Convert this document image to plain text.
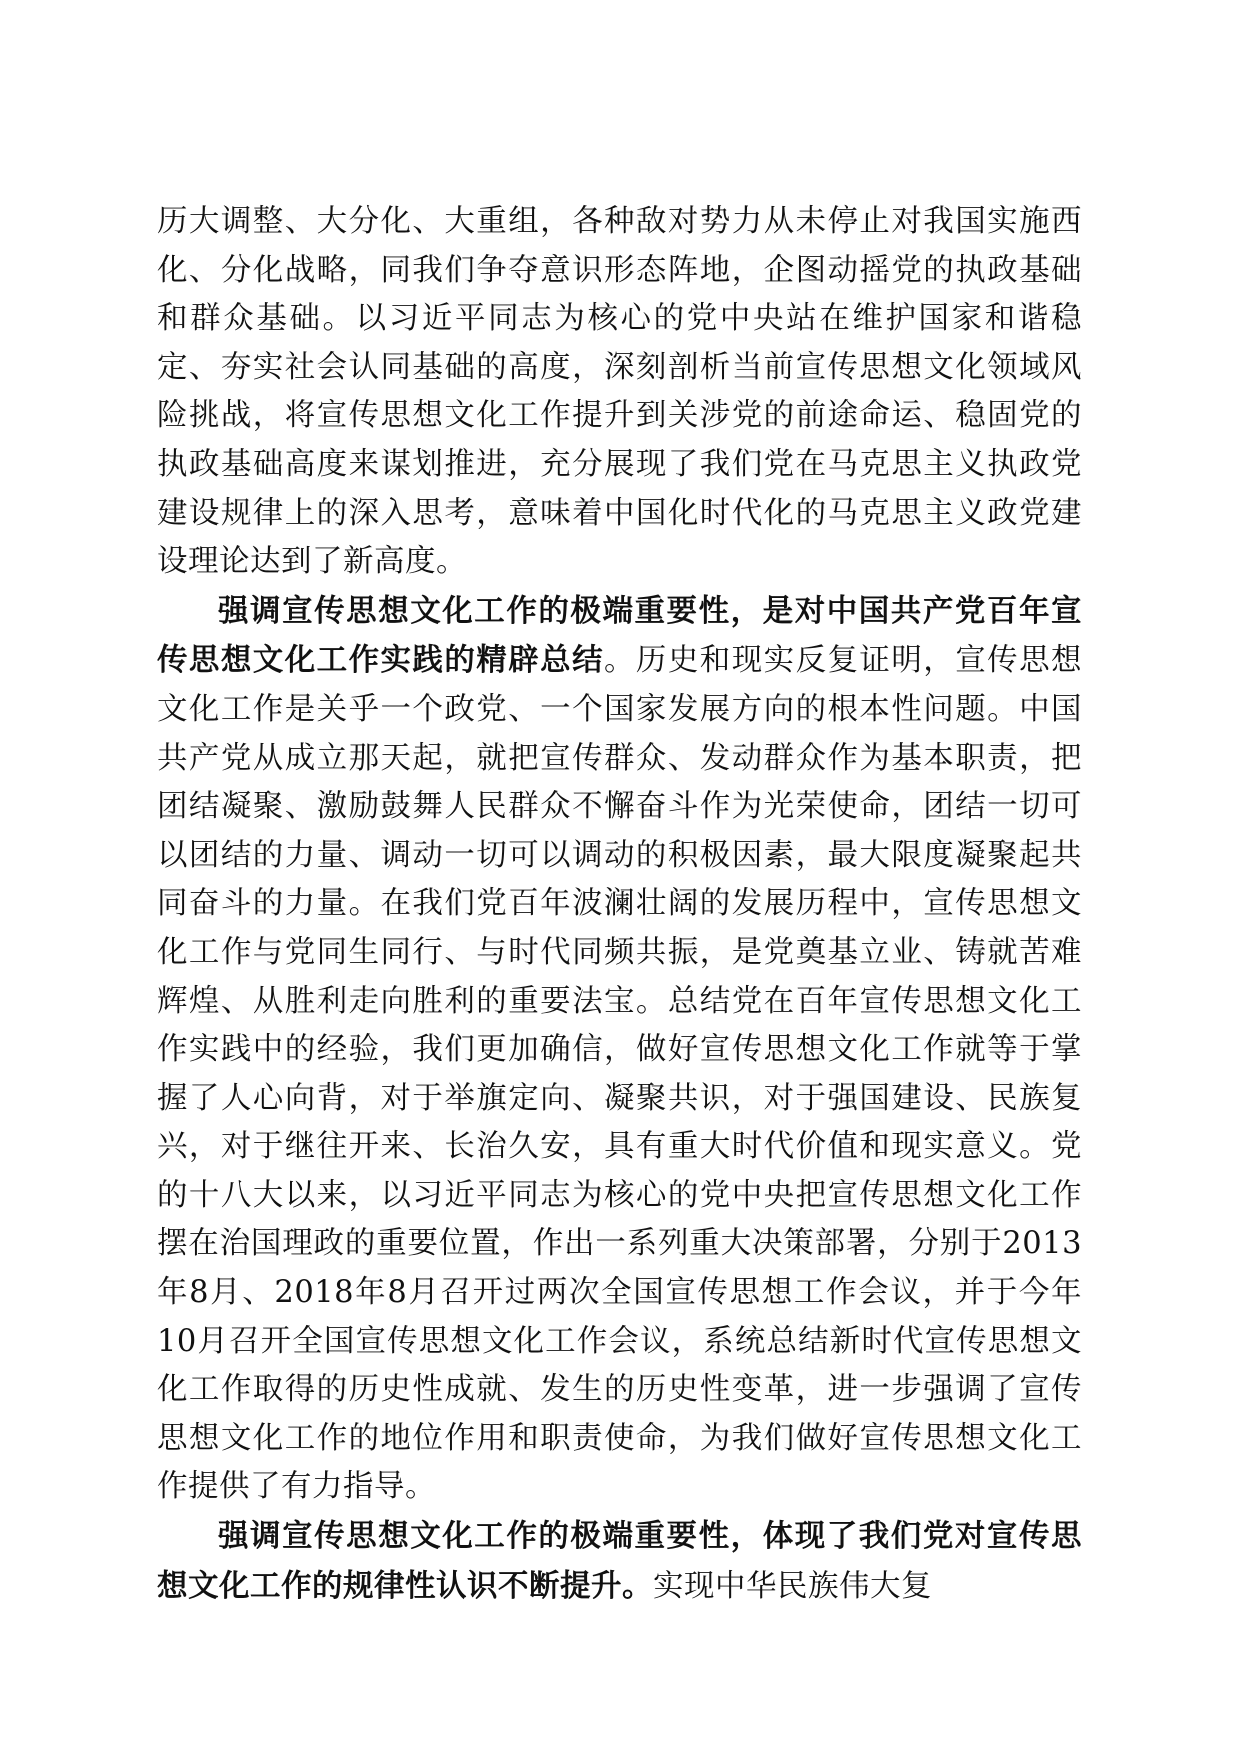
历大调整、大分化、大重组，各种敌对势力从未停止对我国实施西化、分化战略，同我们争夺意识形态阵地，企图动摇党的执政基础和群众基础。以习近平同志为核心的党中央站在维护国家和谐稳定、夯实社会认同基础的高度，深刻剖析当前宣传思想文化领域风险挑战，将宣传思想文化工作提升到关涉党的前途命运、稳固党的执政基础高度来谋划推进，充分展现了我们党在马克思主义执政党建设规律上的深入思考，意味着中国化时代化的马克思主义政党建设理论达到了新高度。

强调宣传思想文化工作的极端重要性，是对中国共产党百年宣传思想文化工作实践的精辟总结。历史和现实反复证明，宣传思想文化工作是关乎一个政党、一个国家发展方向的根本性问题。中国共产党从成立那天起，就把宣传群众、发动群众作为基本职责，把团结凝聚、激励鼓舞人民群众不懈奋斗作为光荣使命，团结一切可以团结的力量、调动一切可以调动的积极因素，最大限度凝聚起共同奋斗的力量。在我们党百年波澜壮阔的发展历程中，宣传思想文化工作与党同生同行、与时代同频共振，是党奠基立业、铸就苦难辉煌、从胜利走向胜利的重要法宝。总结党在百年宣传思想文化工作实践中的经验，我们更加确信，做好宣传思想文化工作就等于掌握了人心向背，对于举旗定向、凝聚共识，对于强国建设、民族复兴，对于继往开来、长治久安，具有重大时代价值和现实意义。党的十八大以来，以习近平同志为核心的党中央把宣传思想文化工作摆在治国理政的重要位置，作出一系列重大决策部署，分别于2013年8月、2018年8月召开过两次全国宣传思想工作会议，并于今年10月召开全国宣传思想文化工作会议，系统总结新时代宣传思想文化工作取得的历史性成就、发生的历史性变革，进一步强调了宣传思想文化工作的地位作用和职责使命，为我们做好宣传思想文化工作提供了有力指导。

强调宣传思想文化工作的极端重要性，体现了我们党对宣传思想文化工作的规律性认识不断提升。实现中华民族伟大复
